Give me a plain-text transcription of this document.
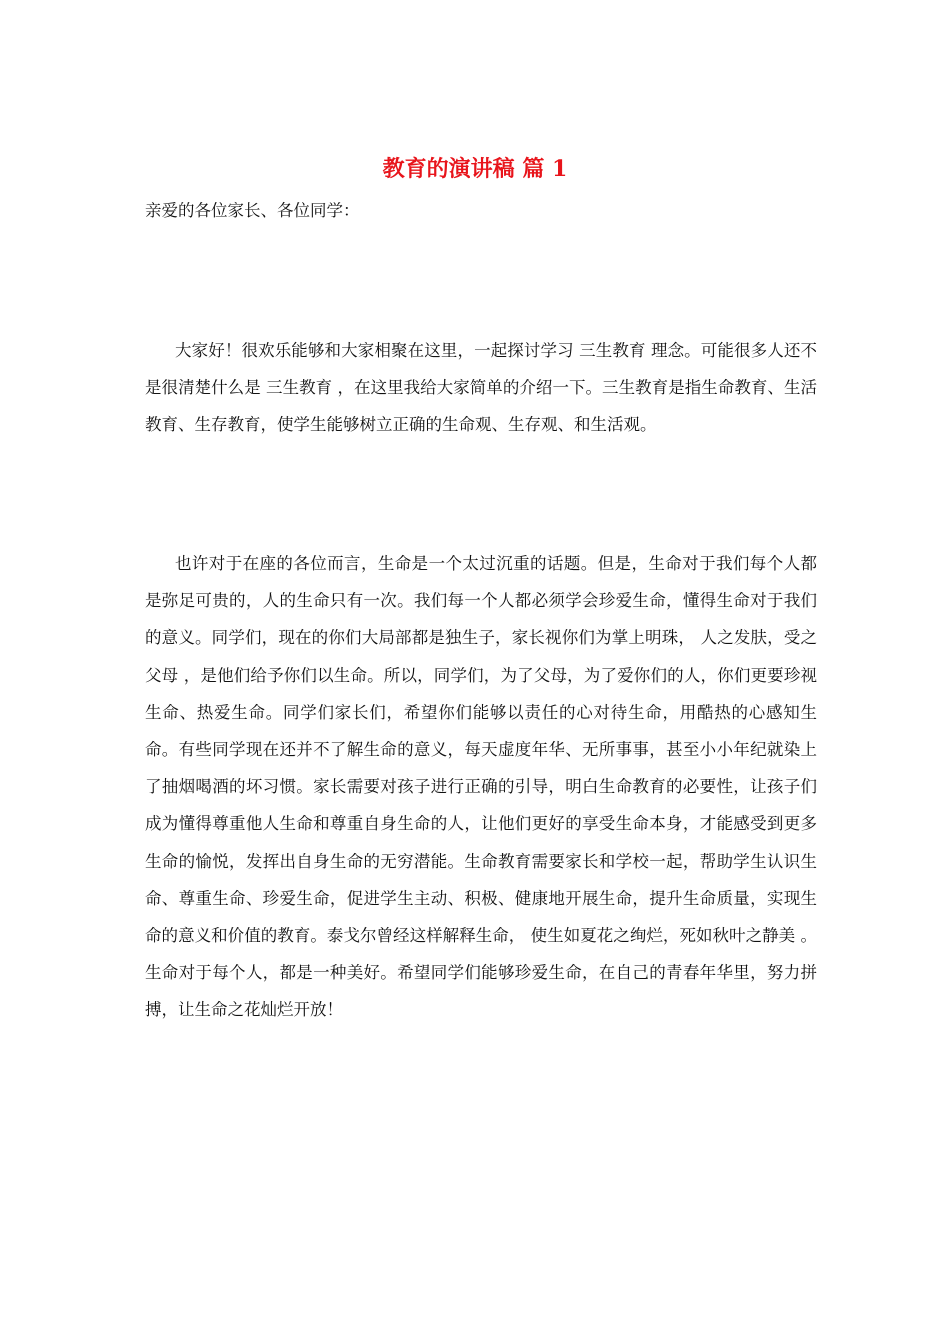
教育的演讲稿 篇 1

亲爱的各位家长、各位同学：

大家好！很欢乐能够和大家相聚在这里，一起探讨学习 三生教育 理念。可能很多人还不是很清楚什么是 三生教育 ，在这里我给大家简单的介绍一下。三生教育是指生命教育、生活教育、生存教育，使学生能够树立正确的生命观、生存观、和生活观。

也许对于在座的各位而言，生命是一个太过沉重的话题。但是，生命对于我们每个人都是弥足可贵的，人的生命只有一次。我们每一个人都必须学会珍爱生命，懂得生命对于我们的意义。同学们，现在的你们大局部都是独生子，家长视你们为掌上明珠， 人之发肤，受之父母 ，是他们给予你们以生命。所以，同学们，为了父母，为了爱你们的人，你们更要珍视生命、热爱生命。同学们家长们，希望你们能够以责任的心对待生命，用酷热的心感知生命。有些同学现在还并不了解生命的意义，每天虚度年华、无所事事，甚至小小年纪就染上了抽烟喝酒的坏习惯。家长需要对孩子进行正确的引导，明白生命教育的必要性，让孩子们成为懂得尊重他人生命和尊重自身生命的人，让他们更好的享受生命本身，才能感受到更多生命的愉悦，发挥出自身生命的无穷潜能。生命教育需要家长和学校一起，帮助学生认识生命、尊重生命、珍爱生命，促进学生主动、积极、健康地开展生命，提升生命质量，实现生命的意义和价值的教育。泰戈尔曾经这样解释生命， 使生如夏花之绚烂，死如秋叶之静美 。生命对于每个人，都是一种美好。希望同学们能够珍爱生命，在自己的青春年华里，努力拼搏，让生命之花灿烂开放！
